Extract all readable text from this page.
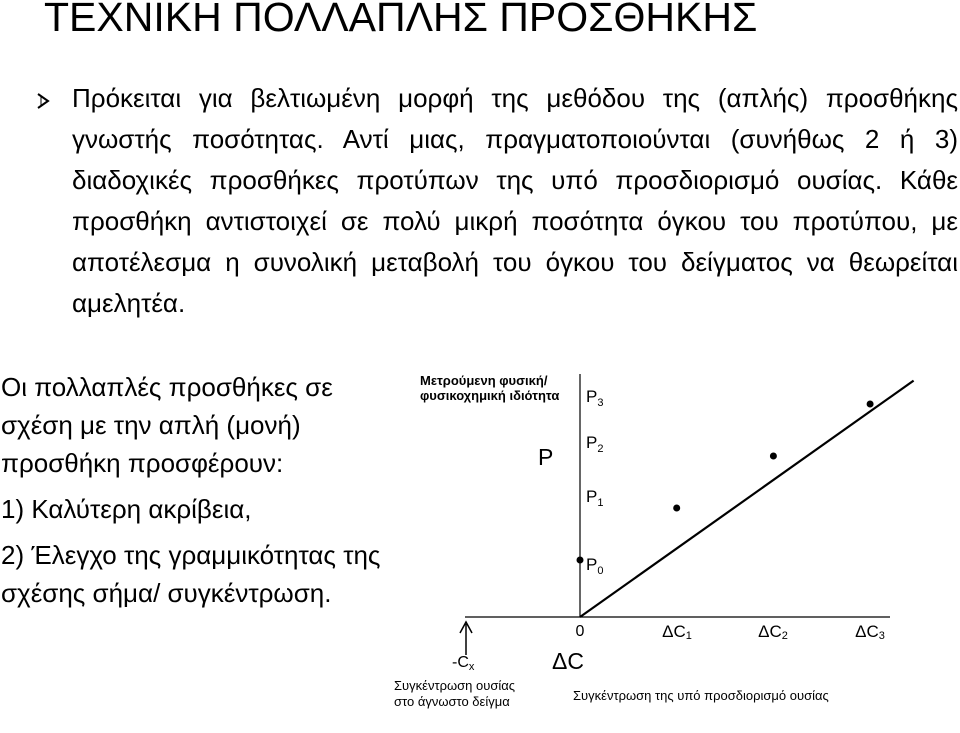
ΤΕΧΝΙΚΗ ΠΟΛΛΑΠΛΗΣ ΠΡΟΣΘΗΚΗΣ

Πρόκειται για βελτιωμένη μορφή της μεθόδου της (απλής) προσθήκης γνωστής ποσότητας. Αντί μιας, πραγματοποιούνται (συνήθως 2 ή 3) διαδοχικές προσθήκες προτύπων της υπό προσδιορισμό ουσίας. Κάθε προσθήκη αντιστοιχεί σε πολύ μικρή ποσότητα όγκου του προτύπου, με αποτέλεσμα η συνολική μεταβολή του όγκου του δείγματος να θεωρείται αμελητέα.

Οι πολλαπλές προσθήκες σε σχέση με την απλή (μονή) προσθήκη προσφέρουν:
1) Καλύτερη ακρίβεια,
2) Έλεγχο της γραμμικότητας της σχέσης σήμα/ συγκέντρωση.
Μετρούμενη φυσική/
φυσικοχημική ιδιότητα
P
$P_3$
$P_2$
$P_1$
$P_0$
0	ΔC1	ΔC2	ΔC3
-Cx	ΔC
Συγκέντρωση ουσίας
στο άγνωστο δείγμα	Συγκέντρωση της υπό προσδιορισμό ουσίας
